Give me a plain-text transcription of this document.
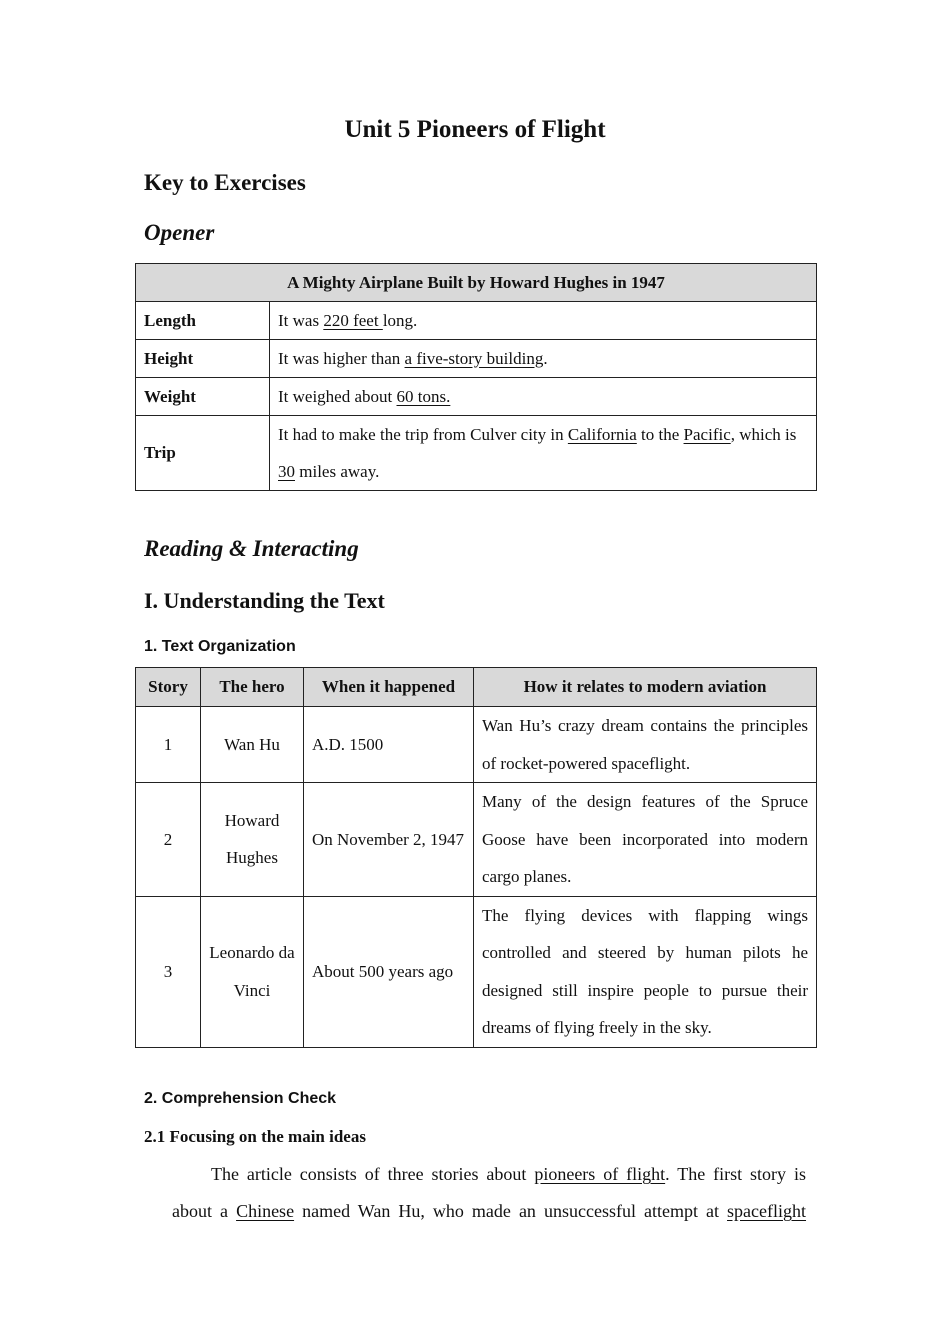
Unit 5 Pioneers of Flight
Key to Exercises
Opener
A Mighty Airplane Built by Howard Hughes in 1947	
Length	It was 220 feet long.
Height	It was higher than a five-story building.
Weight	It weighed about 60 tons.
Trip	It had to make the trip from Culver city in California to the Pacific, which is 30 miles away.
Reading & Interacting
I. Understanding the Text
1. Text Organization
Story	The hero	When it happened	How it relates to modern aviation
1	Wan Hu	A.D. 1500	Wan Hu’s crazy dream contains the principles of rocket-powered spaceflight.
2	Howard Hughes	On November 2, 1947	Many of the design features of the Spruce Goose have been incorporated into modern cargo planes.
3	Leonardo da Vinci	About 500 years ago	The flying devices with flapping wings controlled and steered by human pilots he designed still inspire people to pursue their dreams of flying freely in the sky.
2. Comprehension Check
2.1 Focusing on the main ideas
The article consists of three stories about pioneers of flight. The first story is
about a Chinese named Wan Hu, who made an unsuccessful attempt at spaceflight
